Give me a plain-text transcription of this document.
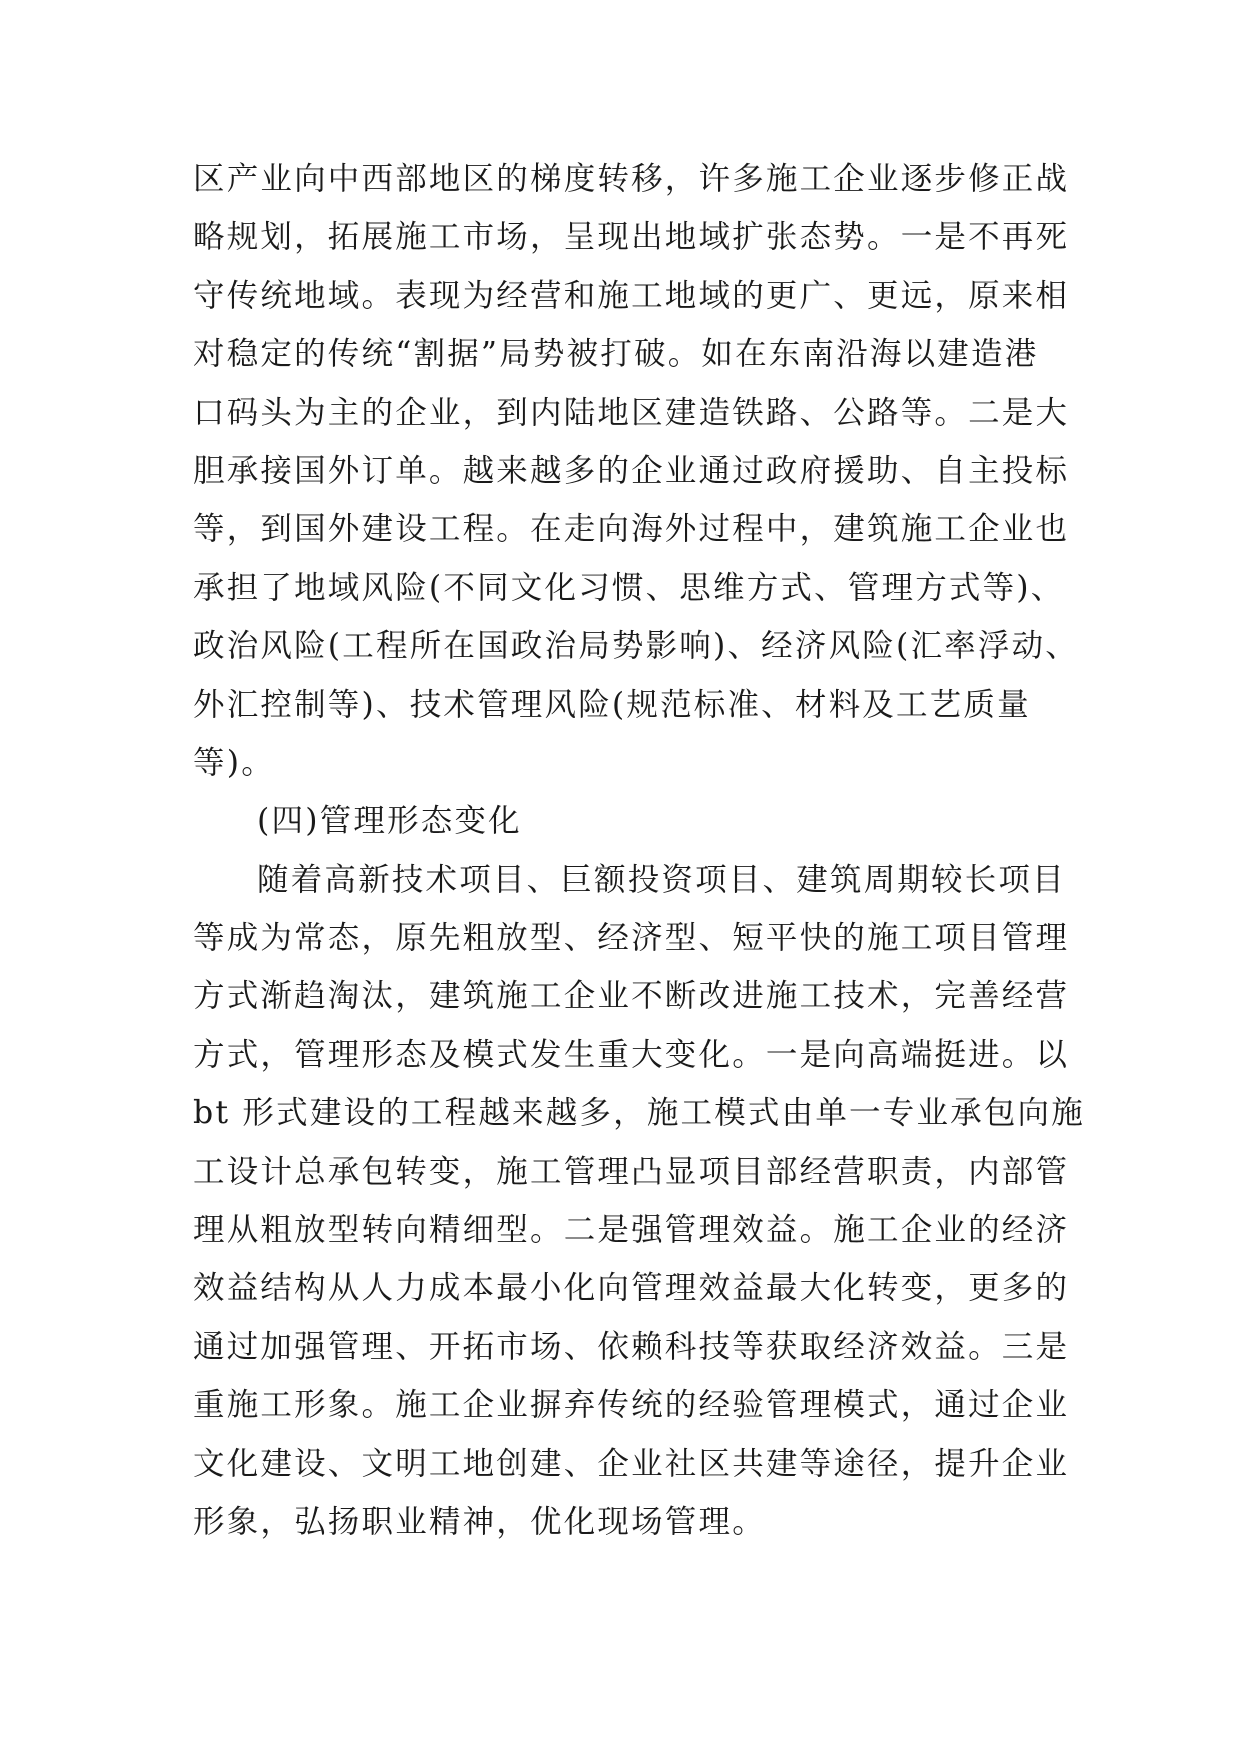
区产业向中西部地区的梯度转移，许多施工企业逐步修正战
略规划，拓展施工市场，呈现出地域扩张态势。一是不再死
守传统地域。表现为经营和施工地域的更广、更远，原来相
对稳定的传统“割据”局势被打破。如在东南沿海以建造港
口码头为主的企业，到内陆地区建造铁路、公路等。二是大
胆承接国外订单。越来越多的企业通过政府援助、自主投标
等，到国外建设工程。在走向海外过程中，建筑施工企业也
承担了地域风险(不同文化习惯、思维方式、管理方式等)、
政治风险(工程所在国政治局势影响)、经济风险(汇率浮动、
外汇控制等)、技术管理风险(规范标准、材料及工艺质量
等)。
(四)管理形态变化
随着高新技术项目、巨额投资项目、建筑周期较长项目
等成为常态，原先粗放型、经济型、短平快的施工项目管理
方式渐趋淘汰，建筑施工企业不断改进施工技术，完善经营
方式，管理形态及模式发生重大变化。一是向高端挺进。以
bt 形式建设的工程越来越多，施工模式由单一专业承包向施
工设计总承包转变，施工管理凸显项目部经营职责，内部管
理从粗放型转向精细型。二是强管理效益。施工企业的经济
效益结构从人力成本最小化向管理效益最大化转变，更多的
通过加强管理、开拓市场、依赖科技等获取经济效益。三是
重施工形象。施工企业摒弃传统的经验管理模式，通过企业
文化建设、文明工地创建、企业社区共建等途径，提升企业
形象，弘扬职业精神，优化现场管理。
